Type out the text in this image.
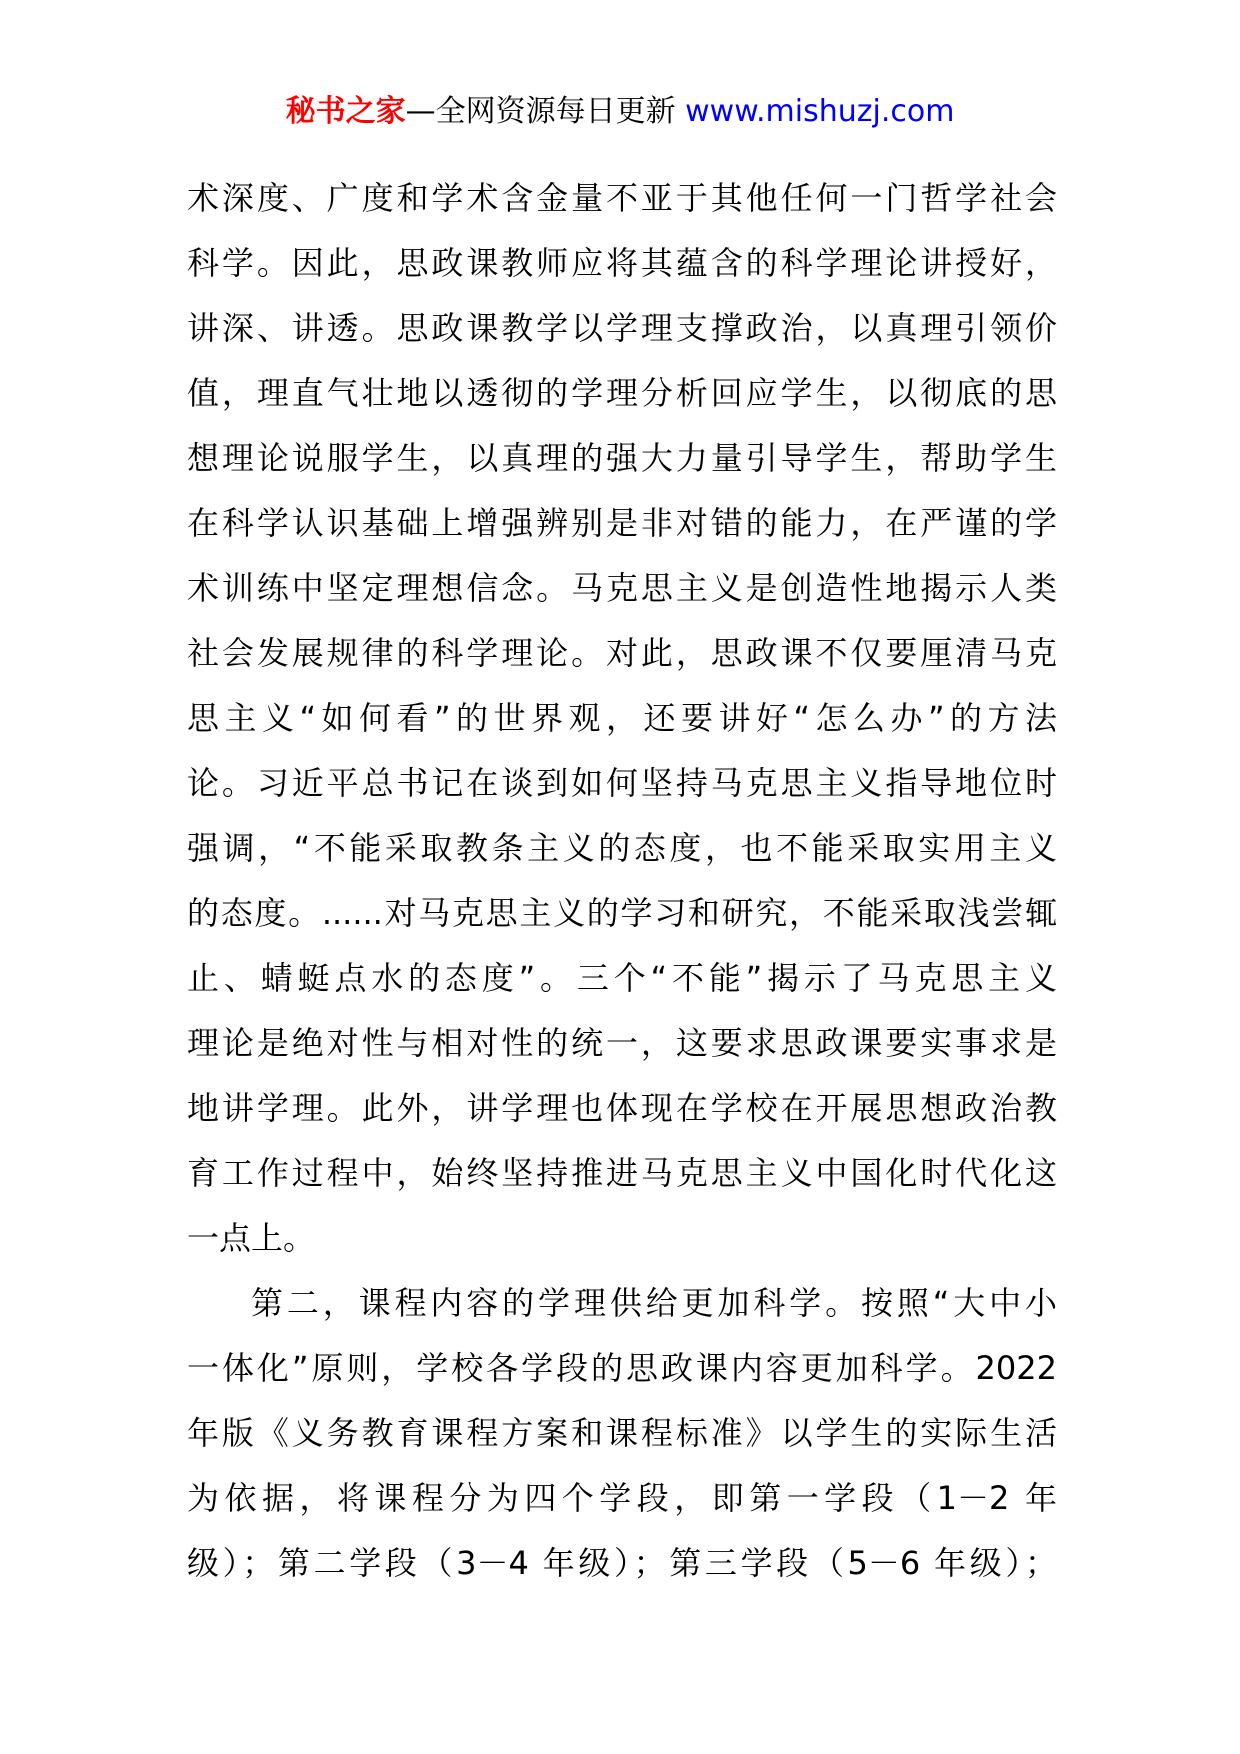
秘书之家—全网资源每日更新 www.mishuzj.com
术深度、广度和学术含金量不亚于其他任何一门哲学社会
科学。因此，思政课教师应将其蕴含的科学理论讲授好，
讲深、讲透。思政课教学以学理支撑政治，以真理引领价
值，理直气壮地以透彻的学理分析回应学生，以彻底的思
想理论说服学生，以真理的强大力量引导学生，帮助学生
在科学认识基础上增强辨别是非对错的能力，在严谨的学
术训练中坚定理想信念。马克思主义是创造性地揭示人类
社会发展规律的科学理论。对此，思政课不仅要厘清马克
思主义“如何看”的世界观，还要讲好“怎么办”的方法
论。习近平总书记在谈到如何坚持马克思主义指导地位时
强调，“不能采取教条主义的态度，也不能采取实用主义
的态度。......对马克思主义的学习和研究，不能采取浅尝辄
止、蜻蜓点水的态度”。三个“不能”揭示了马克思主义
理论是绝对性与相对性的统一，这要求思政课要实事求是
地讲学理。此外，讲学理也体现在学校在开展思想政治教
育工作过程中，始终坚持推进马克思主义中国化时代化这
一点上。
第二，课程内容的学理供给更加科学。按照“大中小
一体化”原则，学校各学段的思政课内容更加科学。2022
年版《义务教育课程方案和课程标准》以学生的实际生活
为依据，将课程分为四个学段，即第一学段（1－2 年
级）；第二学段（3－4 年级）；第三学段（5－6 年级）；
